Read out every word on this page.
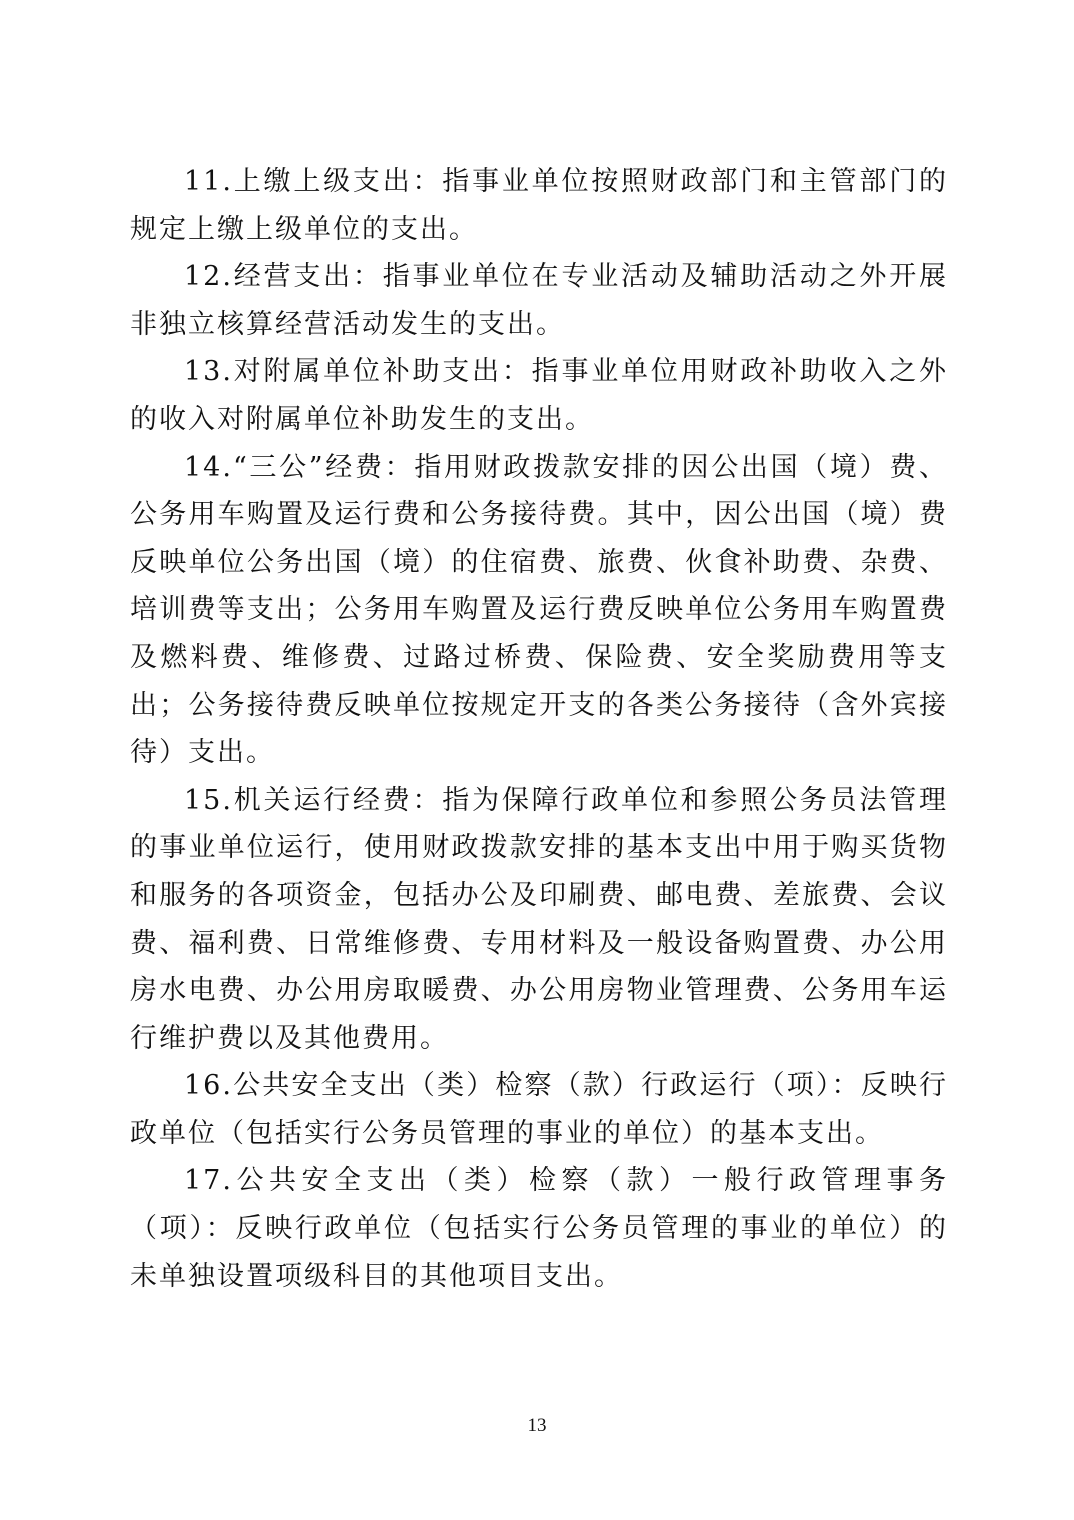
11.上缴上级支出：指事业单位按照财政部门和主管部门的规定上缴上级单位的支出。

12.经营支出：指事业单位在专业活动及辅助活动之外开展非独立核算经营活动发生的支出。

13.对附属单位补助支出：指事业单位用财政补助收入之外的收入对附属单位补助发生的支出。

14.“三公”经费：指用财政拨款安排的因公出国（境）费、公务用车购置及运行费和公务接待费。其中，因公出国（境）费反映单位公务出国（境）的住宿费、旅费、伙食补助费、杂费、培训费等支出；公务用车购置及运行费反映单位公务用车购置费及燃料费、维修费、过路过桥费、保险费、安全奖励费用等支出；公务接待费反映单位按规定开支的各类公务接待（含外宾接待）支出。

15.机关运行经费：指为保障行政单位和参照公务员法管理的事业单位运行，使用财政拨款安排的基本支出中用于购买货物和服务的各项资金，包括办公及印刷费、邮电费、差旅费、会议费、福利费、日常维修费、专用材料及一般设备购置费、办公用房水电费、办公用房取暖费、办公用房物业管理费、公务用车运行维护费以及其他费用。

16.公共安全支出（类）检察（款）行政运行（项）：反映行政单位（包括实行公务员管理的事业的单位）的基本支出。

17.公共安全支出（类）检察（款）一般行政管理事务（项）：反映行政单位（包括实行公务员管理的事业的单位）的未单独设置项级科目的其他项目支出。

13
